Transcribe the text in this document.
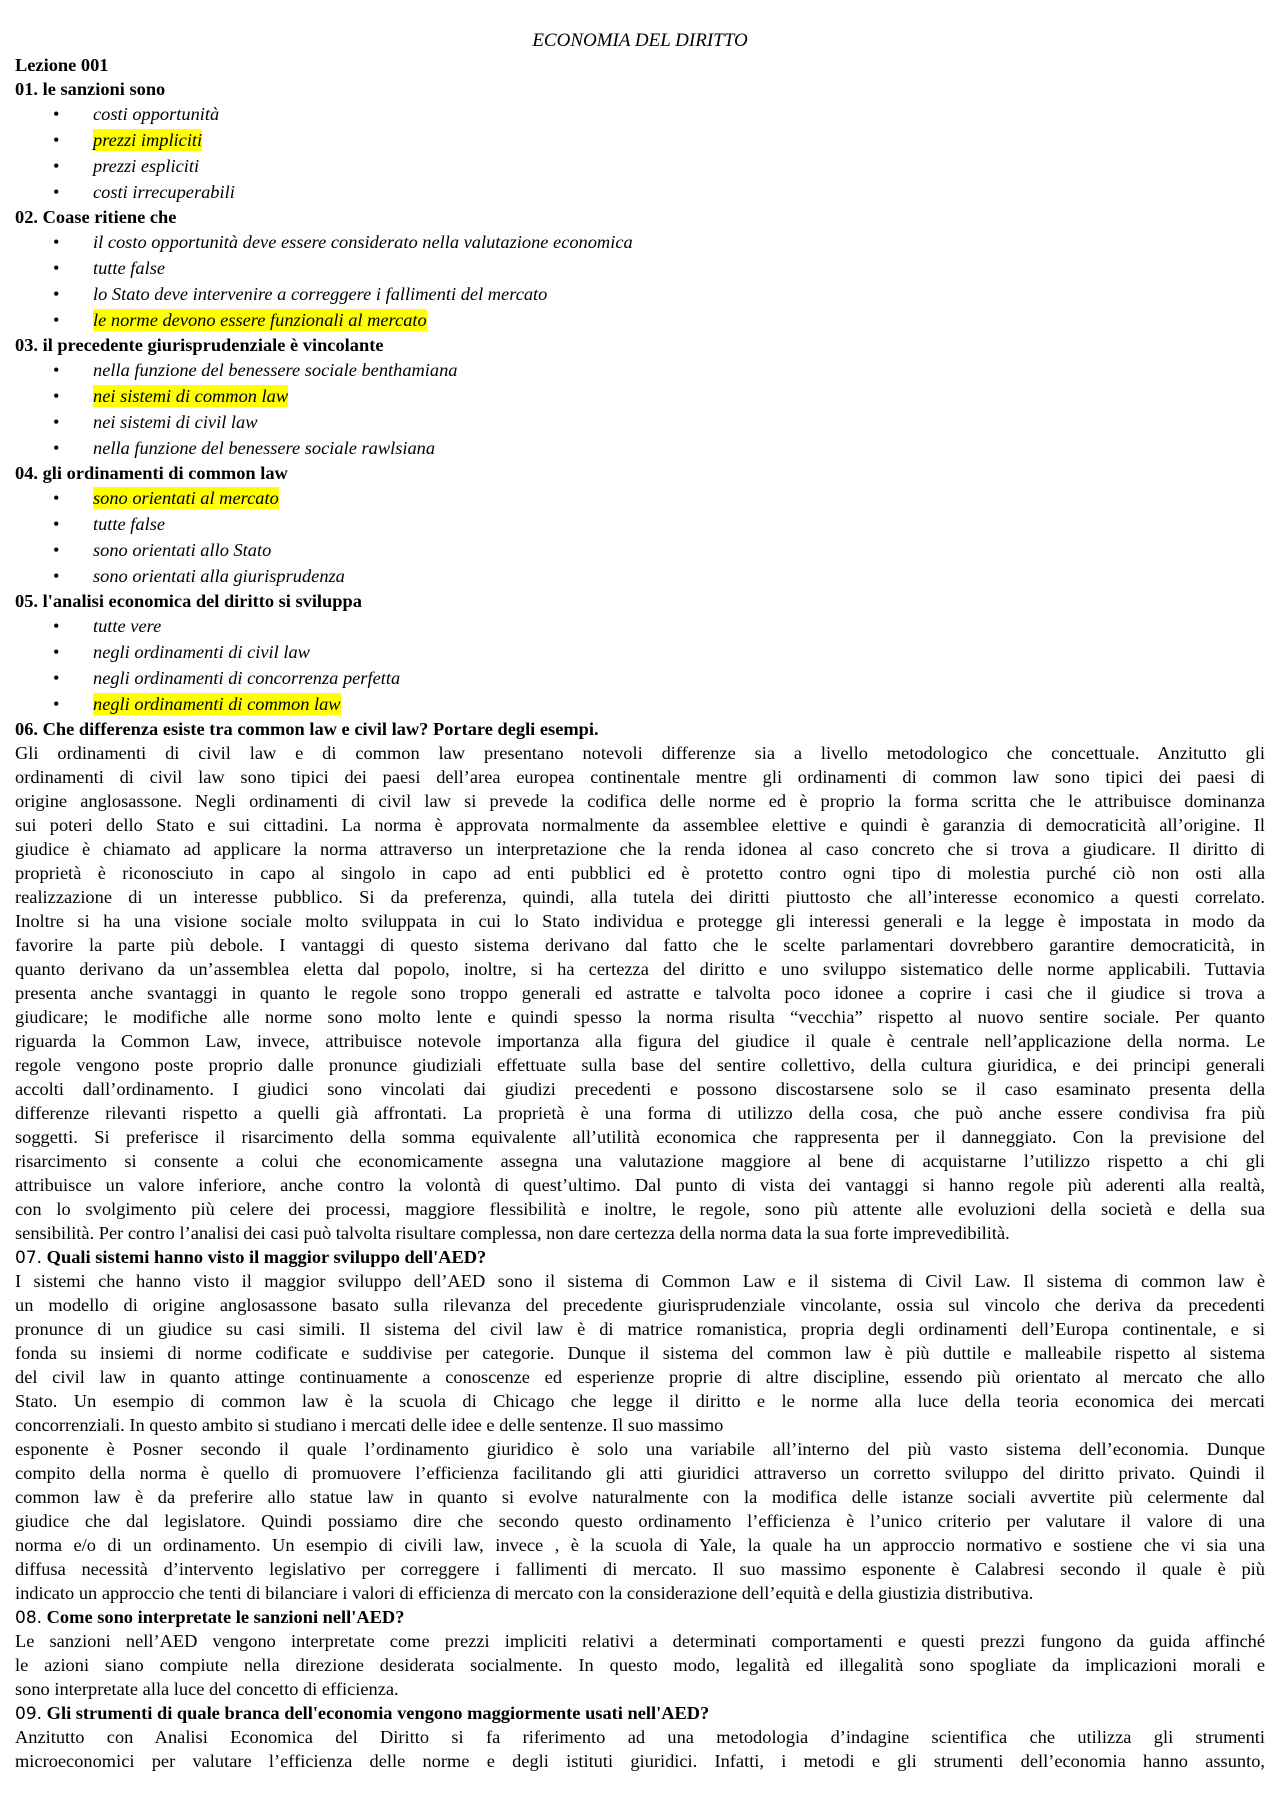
ECONOMIA DEL DIRITTO
Lezione 001
01. le sanzioni sono
• costi opportunità
• prezzi impliciti
• prezzi espliciti
• costi irrecuperabili
02. Coase ritiene che
• il costo opportunità deve essere considerato nella valutazione economica
• tutte false
• lo Stato deve intervenire a correggere i fallimenti del mercato
• le norme devono essere funzionali al mercato
03. il precedente giurisprudenziale è vincolante
• nella funzione del benessere sociale benthamiana
• nei sistemi di common law
• nei sistemi di civil law
• nella funzione del benessere sociale rawlsiana
04. gli ordinamenti di common law
• sono orientati al mercato
• tutte false
• sono orientati allo Stato
• sono orientati alla giurisprudenza
05. l'analisi economica del diritto si sviluppa
• tutte vere
• negli ordinamenti di civil law
• negli ordinamenti di concorrenza perfetta
• negli ordinamenti di common law
06. Che differenza esiste tra common law e civil law? Portare degli esempi.
Gli ordinamenti di civil law e di common law presentano notevoli differenze sia a livello metodologico che concettuale. Anzitutto gli
ordinamenti di civil law sono tipici dei paesi dell’area europea continentale mentre gli ordinamenti di common law sono tipici dei paesi di
origine anglosassone. Negli ordinamenti di civil law si prevede la codifica delle norme ed è proprio la forma scritta che le attribuisce dominanza
sui poteri dello Stato e sui cittadini. La norma è approvata normalmente da assemblee elettive e quindi è garanzia di democraticità all’origine. Il
giudice è chiamato ad applicare la norma attraverso un interpretazione che la renda idonea al caso concreto che si trova a giudicare. Il diritto di
proprietà è riconosciuto in capo al singolo in capo ad enti pubblici ed è protetto contro ogni tipo di molestia purché ciò non osti alla
realizzazione di un interesse pubblico. Si da preferenza, quindi, alla tutela dei diritti piuttosto che all’interesse economico a questi correlato.
Inoltre si ha una visione sociale molto sviluppata in cui lo Stato individua e protegge gli interessi generali e la legge è impostata in modo da
favorire la parte più debole. I vantaggi di questo sistema derivano dal fatto che le scelte parlamentari dovrebbero garantire democraticità, in
quanto derivano da un’assemblea eletta dal popolo, inoltre, si ha certezza del diritto e uno sviluppo sistematico delle norme applicabili. Tuttavia
presenta anche svantaggi in quanto le regole sono troppo generali ed astratte e talvolta poco idonee a coprire i casi che il giudice si trova a
giudicare; le modifiche alle norme sono molto lente e quindi spesso la norma risulta “vecchia” rispetto al nuovo sentire sociale. Per quanto
riguarda la Common Law, invece, attribuisce notevole importanza alla figura del giudice il quale è centrale nell’applicazione della norma. Le
regole vengono poste proprio dalle pronunce giudiziali effettuate sulla base del sentire collettivo, della cultura giuridica, e dei principi generali
accolti dall’ordinamento. I giudici sono vincolati dai giudizi precedenti e possono discostarsene solo se il caso esaminato presenta della
differenze rilevanti rispetto a quelli già affrontati. La proprietà è una forma di utilizzo della cosa, che può anche essere condivisa fra più
soggetti. Si preferisce il risarcimento della somma equivalente all’utilità economica che rappresenta per il danneggiato. Con la previsione del
risarcimento si consente a colui che economicamente assegna una valutazione maggiore al bene di acquistarne l’utilizzo rispetto a chi gli
attribuisce un valore inferiore, anche contro la volontà di quest’ultimo. Dal punto di vista dei vantaggi si hanno regole più aderenti alla realtà,
con lo svolgimento più celere dei processi, maggiore flessibilità e inoltre, le regole, sono più attente alle evoluzioni della società e della sua
sensibilità. Per contro l’analisi dei casi può talvolta risultare complessa, non dare certezza della norma data la sua forte imprevedibilità.
07. Quali sistemi hanno visto il maggior sviluppo dell'AED?
I sistemi che hanno visto il maggior sviluppo dell’AED sono il sistema di Common Law e il sistema di Civil Law. Il sistema di common law è
un modello di origine anglosassone basato sulla rilevanza del precedente giurisprudenziale vincolante, ossia sul vincolo che deriva da precedenti
pronunce di un giudice su casi simili. Il sistema del civil law è di matrice romanistica, propria degli ordinamenti dell’Europa continentale, e si
fonda su insiemi di norme codificate e suddivise per categorie. Dunque il sistema del common law è più duttile e malleabile rispetto al sistema
del civil law in quanto attinge continuamente a conoscenze ed esperienze proprie di altre discipline, essendo più orientato al mercato che allo
Stato. Un esempio di common law è la scuola di Chicago che legge il diritto e le norme alla luce della teoria economica dei mercati
concorrenziali. In questo ambito si studiano i mercati delle idee e delle sentenze. Il suo massimo
esponente è Posner secondo il quale l’ordinamento giuridico è solo una variabile all’interno del più vasto sistema dell’economia. Dunque
compito della norma è quello di promuovere l’efficienza facilitando gli atti giuridici attraverso un corretto sviluppo del diritto privato. Quindi il
common law è da preferire allo statue law in quanto si evolve naturalmente con la modifica delle istanze sociali avvertite più celermente dal
giudice che dal legislatore. Quindi possiamo dire che secondo questo ordinamento l’efficienza è l’unico criterio per valutare il valore di una
norma e/o di un ordinamento. Un esempio di civili law, invece , è la scuola di Yale, la quale ha un approccio normativo e sostiene che vi sia una
diffusa necessità d’intervento legislativo per correggere i fallimenti di mercato. Il suo massimo esponente è Calabresi secondo il quale è più
indicato un approccio che tenti di bilanciare i valori di efficienza di mercato con la considerazione dell’equità e della giustizia distributiva.
08. Come sono interpretate le sanzioni nell'AED?
Le sanzioni nell’AED vengono interpretate come prezzi impliciti relativi a determinati comportamenti e questi prezzi fungono da guida affinché
le azioni siano compiute nella direzione desiderata socialmente. In questo modo, legalità ed illegalità sono spogliate da implicazioni morali e
sono interpretate alla luce del concetto di efficienza.
09. Gli strumenti di quale branca dell'economia vengono maggiormente usati nell'AED?
Anzitutto con Analisi Economica del Diritto si fa riferimento ad una metodologia d’indagine scientifica che utilizza gli strumenti
microeconomici per valutare l’efficienza delle norme e degli istituti giuridici. Infatti, i metodi e gli strumenti dell’economia hanno assunto,
